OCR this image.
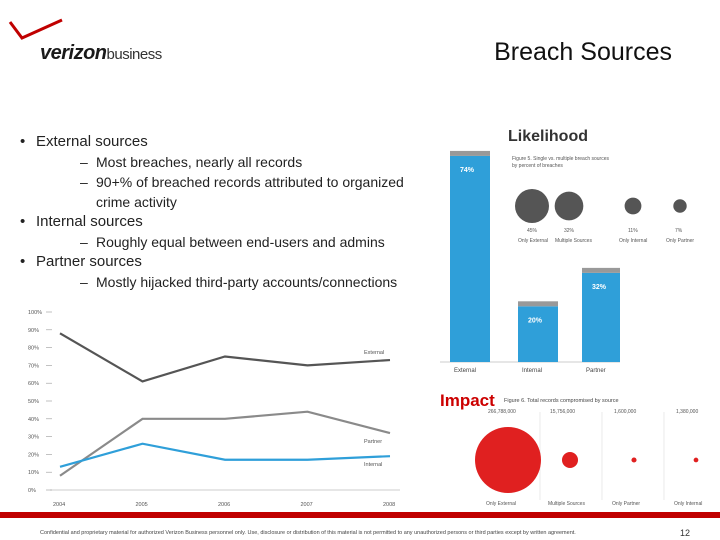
verizonbusiness	Breach Sources

• External sources

– Most breaches, nearly all records

– 90+% of breached records attributed to organized crime activity

• Internal sources

– Roughly equal between end-users and admins

• Partner sources

– Mostly hijacked third-party accounts/connections

0%
10%
20%
30%
40%
50%
60%
70%
80%
90%
100%
2004	2005	2006	2007	2008
External
Partner
Internal
74%
External
20%
Internal
32%
Partner
Figure 5. Single vs. multiple breach sources by percent of breaches
45%
Only External
32%
Multiple Sources
11%
Only Internal
7%
Only Partner
Likelihood
Impact Figure 6. Total records compromised by source
266,788,000
Only External
15,756,000
Multiple Sources
1,600,000
Only Partner
1,380,000
Only Internal
Confidential and proprietary material for authorized Verizon Business personnel only. Use, disclosure or distribution of this material is not permitted to any unauthorized persons or third parties except by written agreement.	12
